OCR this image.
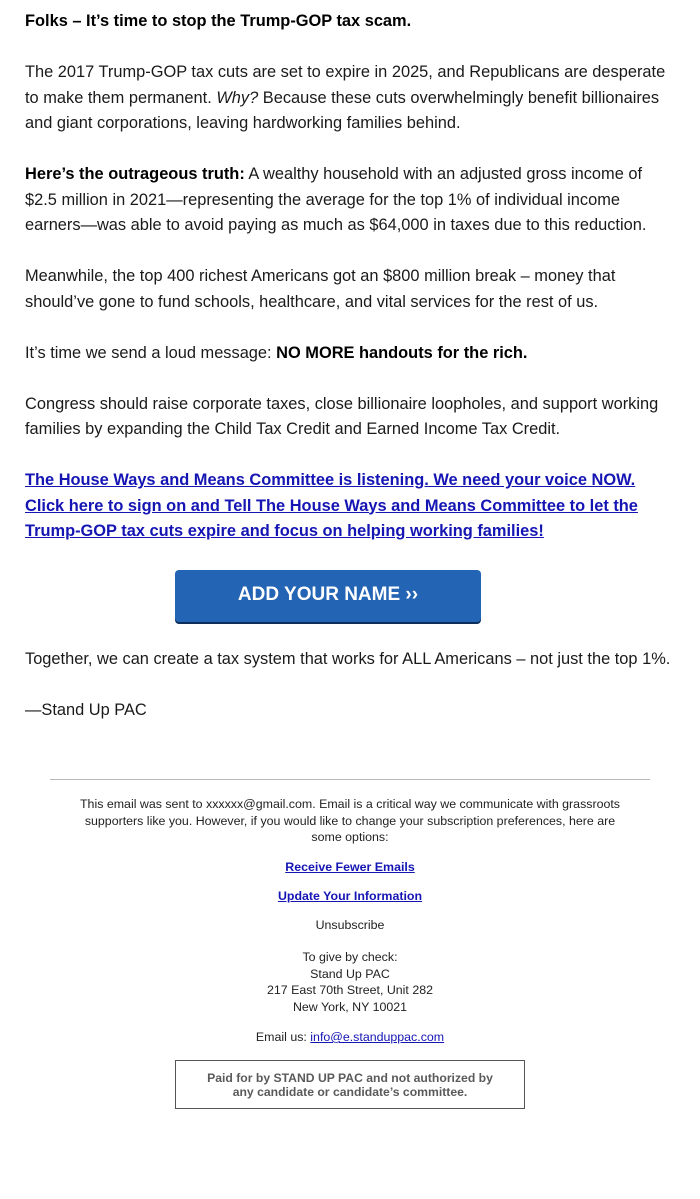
Folks – It’s time to stop the Trump-GOP tax scam.

The 2017 Trump-GOP tax cuts are set to expire in 2025, and Republicans are desperate to make them permanent. Why? Because these cuts overwhelmingly benefit billionaires and giant corporations, leaving hardworking families behind.

Here’s the outrageous truth: A wealthy household with an adjusted gross income of $2.5 million in 2021—representing the average for the top 1% of individual income earners—was able to avoid paying as much as $64,000 in taxes due to this reduction.

Meanwhile, the top 400 richest Americans got an $800 million break – money that should’ve gone to fund schools, healthcare, and vital services for the rest of us.

It’s time we send a loud message: NO MORE handouts for the rich.

Congress should raise corporate taxes, close billionaire loopholes, and support working families by expanding the Child Tax Credit and Earned Income Tax Credit.

The House Ways and Means Committee is listening. We need your voice NOW. Click here to sign on and Tell The House Ways and Means Committee to let the Trump-GOP tax cuts expire and focus on helping working families!
ADD YOUR NAME ››

Together, we can create a tax system that works for ALL Americans – not just the top 1%.

—Stand Up PAC

This email was sent to xxxxxx@gmail.com. Email is a critical way we communicate with grassroots supporters like you. However, if you would like to change your subscription preferences, here are some options:

Receive Fewer Emails
Update Your Information

Unsubscribe

To give by check:

Stand Up PAC

217 East 70th Street, Unit 282

New York, NY 10021

Email us: info@e.standuppac.com

Paid for by STAND UP PAC and not authorized by
any candidate or candidate’s committee.
